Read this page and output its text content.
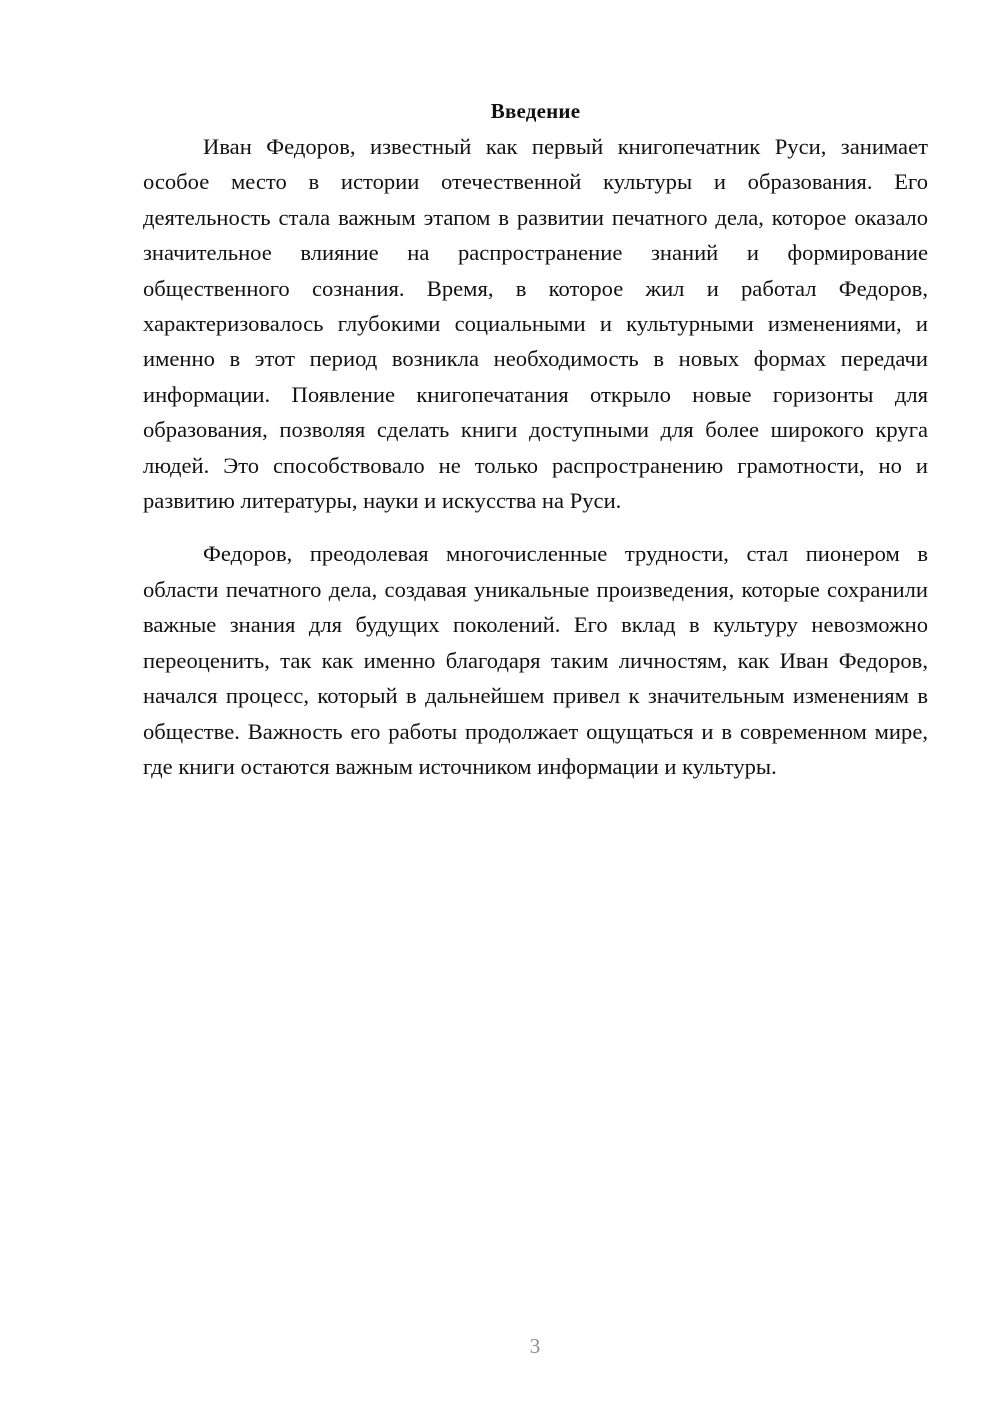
Введение

Иван Федоров, известный как первый книгопечатник Руси, занимает особое место в истории отечественной культуры и образования. Его деятельность стала важным этапом в развитии печатного дела, которое оказало значительное влияние на распространение знаний и формирование общественного сознания. Время, в которое жил и работал Федоров, характеризовалось глубокими социальными и культурными изменениями, и именно в этот период возникла необходимость в новых формах передачи информации. Появление книгопечатания открыло новые горизонты для образования, позволяя сделать книги доступными для более широкого круга людей. Это способствовало не только распространению грамотности, но и развитию литературы, науки и искусства на Руси.

Федоров, преодолевая многочисленные трудности, стал пионером в области печатного дела, создавая уникальные произведения, которые сохранили важные знания для будущих поколений. Его вклад в культуру невозможно переоценить, так как именно благодаря таким личностям, как Иван Федоров, начался процесс, который в дальнейшем привел к значительным изменениям в обществе. Важность его работы продолжает ощущаться и в современном мире, где книги остаются важным источником информации и культуры.

3
